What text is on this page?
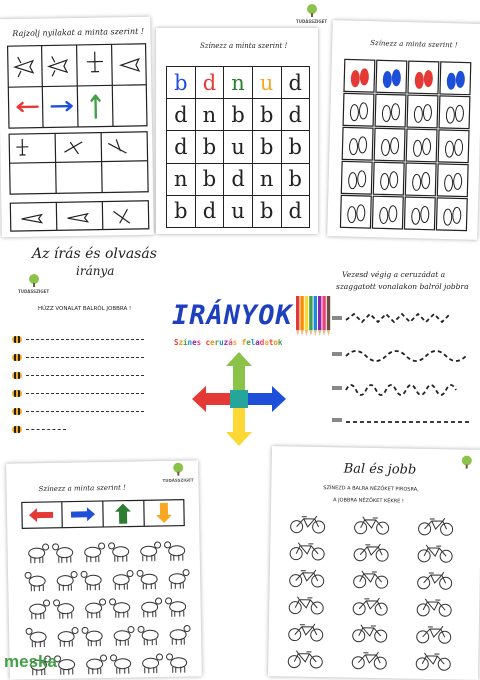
Rajzolj nyilakat a minta szerint !
TUDÁSSZIGET
Színezz a minta szerint !
b	d	n	u	d
d	n	b	b	d
d	b	u	b	b
n	b	d	n	b
b	d	u	b	d
Színezz a minta szerint !
Az írás és olvasás
iránya
TUDÁSSZIGET
HÚZZ VONALAT BALRÓL JOBBRA ! IRÁNYOK
Színes ceruzás feladatok
Vezesd végig a ceruzádat a
szaggatott vonalakon balról jobbra
TUDÁSSZIGET
Színezz a minta szerint !
Bal és jobb
SZÍNEZD A BALRA NÉZŐKET PIROSRA,
A JOBBRA NÉZŐKET KÉKRE !
meska
